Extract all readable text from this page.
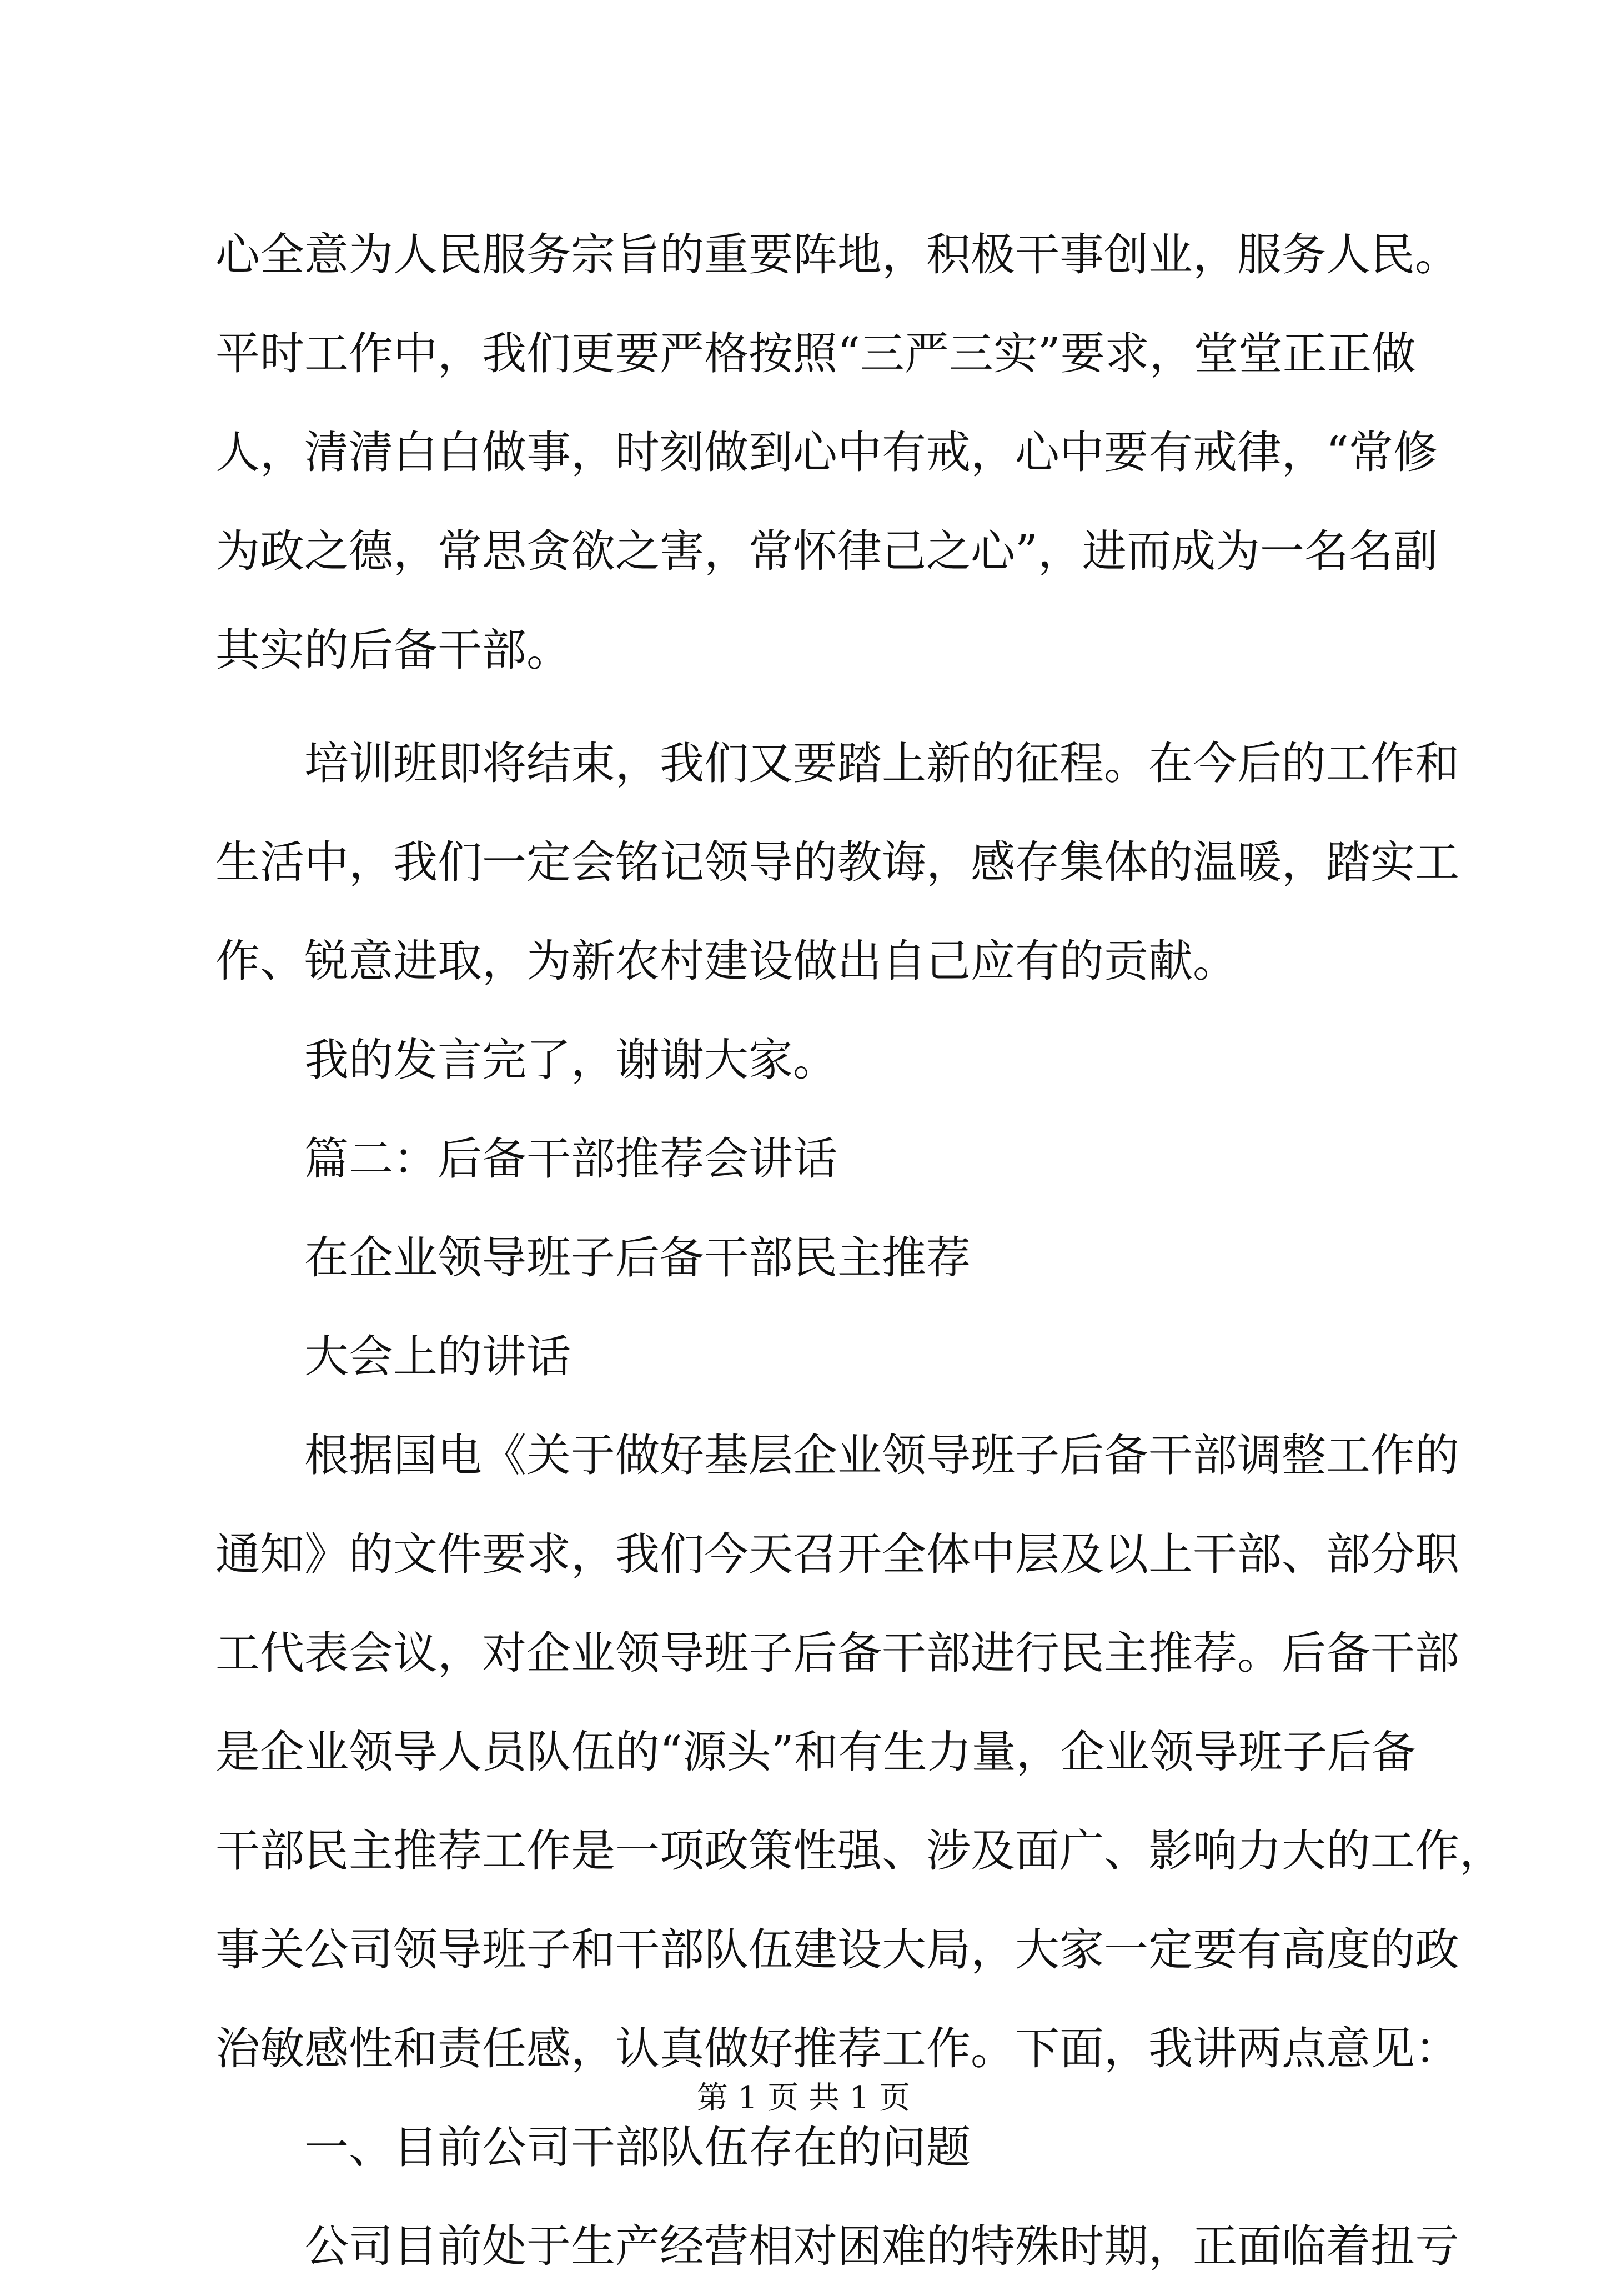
心全意为人民服务宗旨的重要阵地，积极干事创业，服务人民。
平时工作中，我们更要严格按照“三严三实”要求，堂堂正正做
人，清清白白做事，时刻做到心中有戒，心中要有戒律，“常修
为政之德，常思贪欲之害，常怀律己之心”，进而成为一名名副
其实的后备干部。
培训班即将结束，我们又要踏上新的征程。在今后的工作和
生活中，我们一定会铭记领导的教诲，感存集体的温暖，踏实工
作、锐意进取，为新农村建设做出自己应有的贡献。
我的发言完了，谢谢大家。
篇二：后备干部推荐会讲话
在企业领导班子后备干部民主推荐
大会上的讲话
根据国电《关于做好基层企业领导班子后备干部调整工作的
通知》的文件要求，我们今天召开全体中层及以上干部、部分职
工代表会议，对企业领导班子后备干部进行民主推荐。后备干部
是企业领导人员队伍的“源头”和有生力量，企业领导班子后备
干部民主推荐工作是一项政策性强、涉及面广、影响力大的工作，
事关公司领导班子和干部队伍建设大局，大家一定要有高度的政
治敏感性和责任感，认真做好推荐工作。下面，我讲两点意见：
一、目前公司干部队伍存在的问题
公司目前处于生产经营相对困难的特殊时期，正面临着扭亏
第 1 页 共 1 页
